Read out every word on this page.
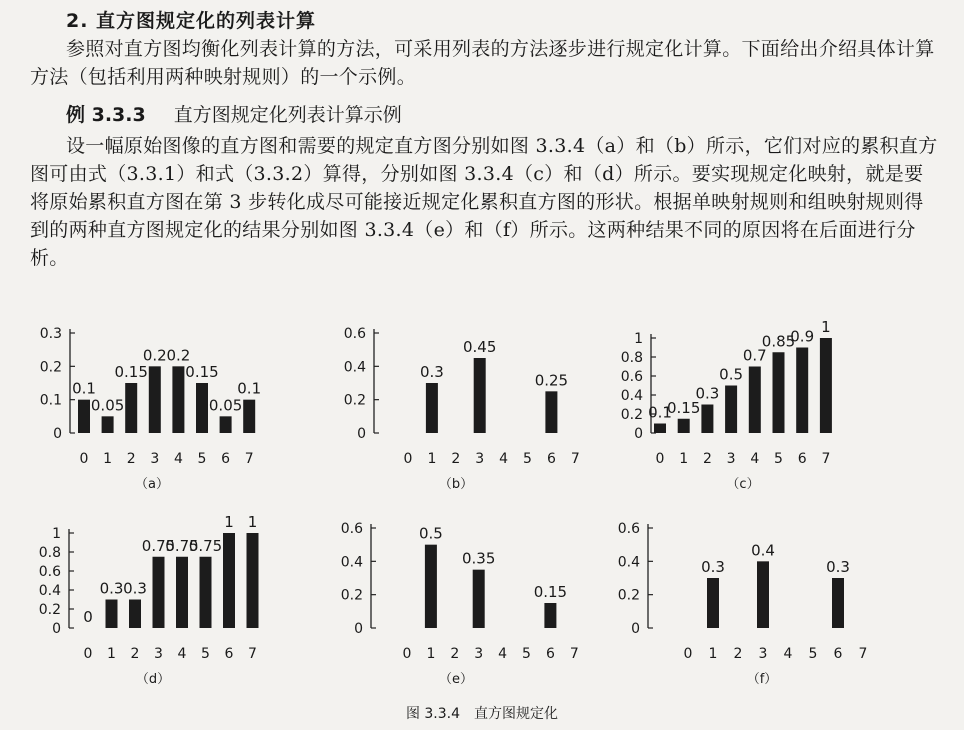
2. 直方图规定化的列表计算
参照对直方图均衡化列表计算的方法，可采用列表的方法逐步进行规定化计算。下面给出介绍具体计算方法（包括利用两种映射规则）的一个示例。
例 3.3.3 直方图规定化列表计算示例
设一幅原始图像的直方图和需要的规定直方图分别如图 3.3.4（a）和（b）所示，它们对应的累积直方图可由式（3.3.1）和式（3.3.2）算得，分别如图 3.3.4（c）和（d）所示。要实现规定化映射，就是要将原始累积直方图在第 3 步转化成尽可能接近规定化累积直方图的形状。根据单映射规则和组映射规则得到的两种直方图规定化的结果分别如图 3.3.4（e）和（f）所示。这两种结果不同的原因将在后面进行分析。
0
0.1
0.2
0.3
0.1
0
0.05
1
0.15
2
0.2
3
0.2
4
0.15
5
0.05
6
0.1
7
（a）
0
0.2
0.4
0.6
0
0.3
1 2
0.45
3 4 5
0.25
6 7
（b）
0
0.2
0.4
0.6
0.8
1
0.1
0
0.15
1
0.3
2
0.5
3
0.7
4
0.85
5
0.9
6
1
7
（c）
0
0.2
0.4
0.6
0.8
1
0
0
0.3
1
0.3
2
0.75
3
0.75
4
0.75
5
1
6
1
7
（d）
0
0.2
0.4
0.6
0
0.5
1 2
0.35
3 4 5
0.15
6 7
（e）
0
0.2
0.4
0.6
0
0.3
1 2
0.4
3 4 5
0.3
6 7
（f）
图 3.3.4　直方图规定化
